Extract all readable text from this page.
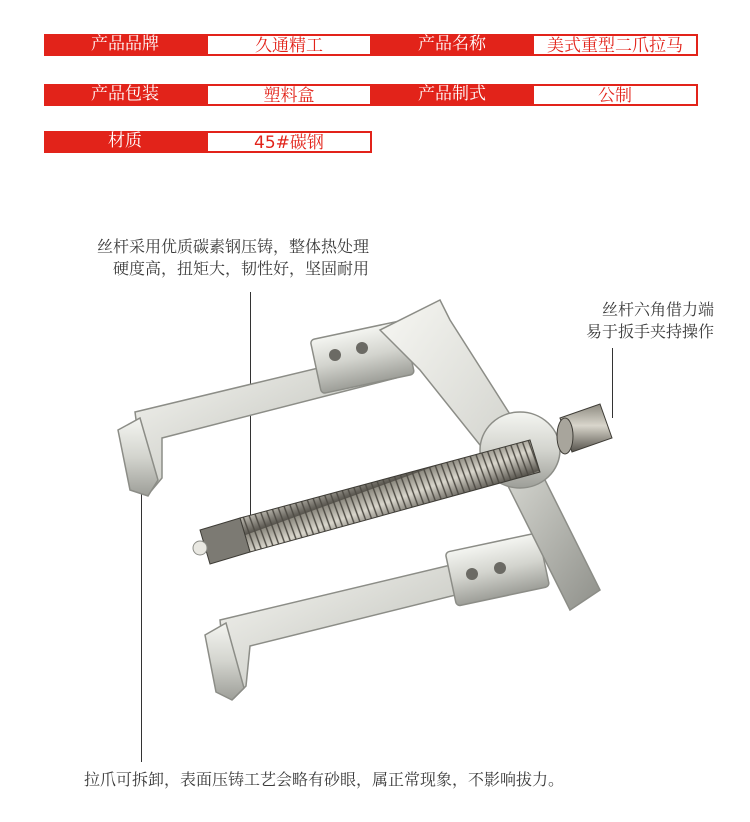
产品品牌	久通精工	产品名称	美式重型二爪拉马
产品包装	塑料盒	产品制式	公制
材质	45#碳钢
丝杆采用优质碳素钢压铸，整体热处理
硬度高，扭矩大，韧性好，坚固耐用
丝杆六角借力端
易于扳手夹持操作
拉爪可拆卸，表面压铸工艺会略有砂眼，属正常现象，不影响拔力。
